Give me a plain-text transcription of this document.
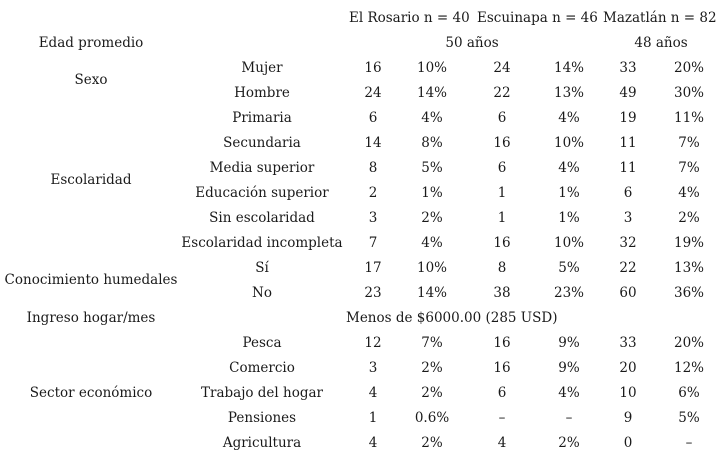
El Rosario n = 40 Escuinapa n = 46 Mazatlán n = 82
Edad promedio	50 años	48 años
Ingreso hogar/mes	Menos de $6000.00 (285 USD)
Sexo
Mujer	16	10%	24	14%	33	20%
Hombre	24	14%	22	13%	49	30%
Escolaridad
Primaria	6	4%	6	4%	19	11%
Secundaria	14	8%	16	10%	11	7%
Media superior	8	5%	6	4%	11	7%
Educación superior	2	1%	1	1%	6	4%
Sin escolaridad	3	2%	1	1%	3	2%
Escolaridad incompleta 7	4%	16	10%	32	19%
Conocimiento humedales
Sí	17	10%	8	5%	22	13%
No	23	14%	38	23%	60	36%
Sector económico
Pesca	12	7%	16	9%	33	20%
Comercio	3	2%	16	9%	20	12%
Trabajo del hogar	4	2%	6	4%	10	6%
Pensiones	1	0.6%	–	–	9	5%
Agricultura	4	2%	4	2%	0	–
